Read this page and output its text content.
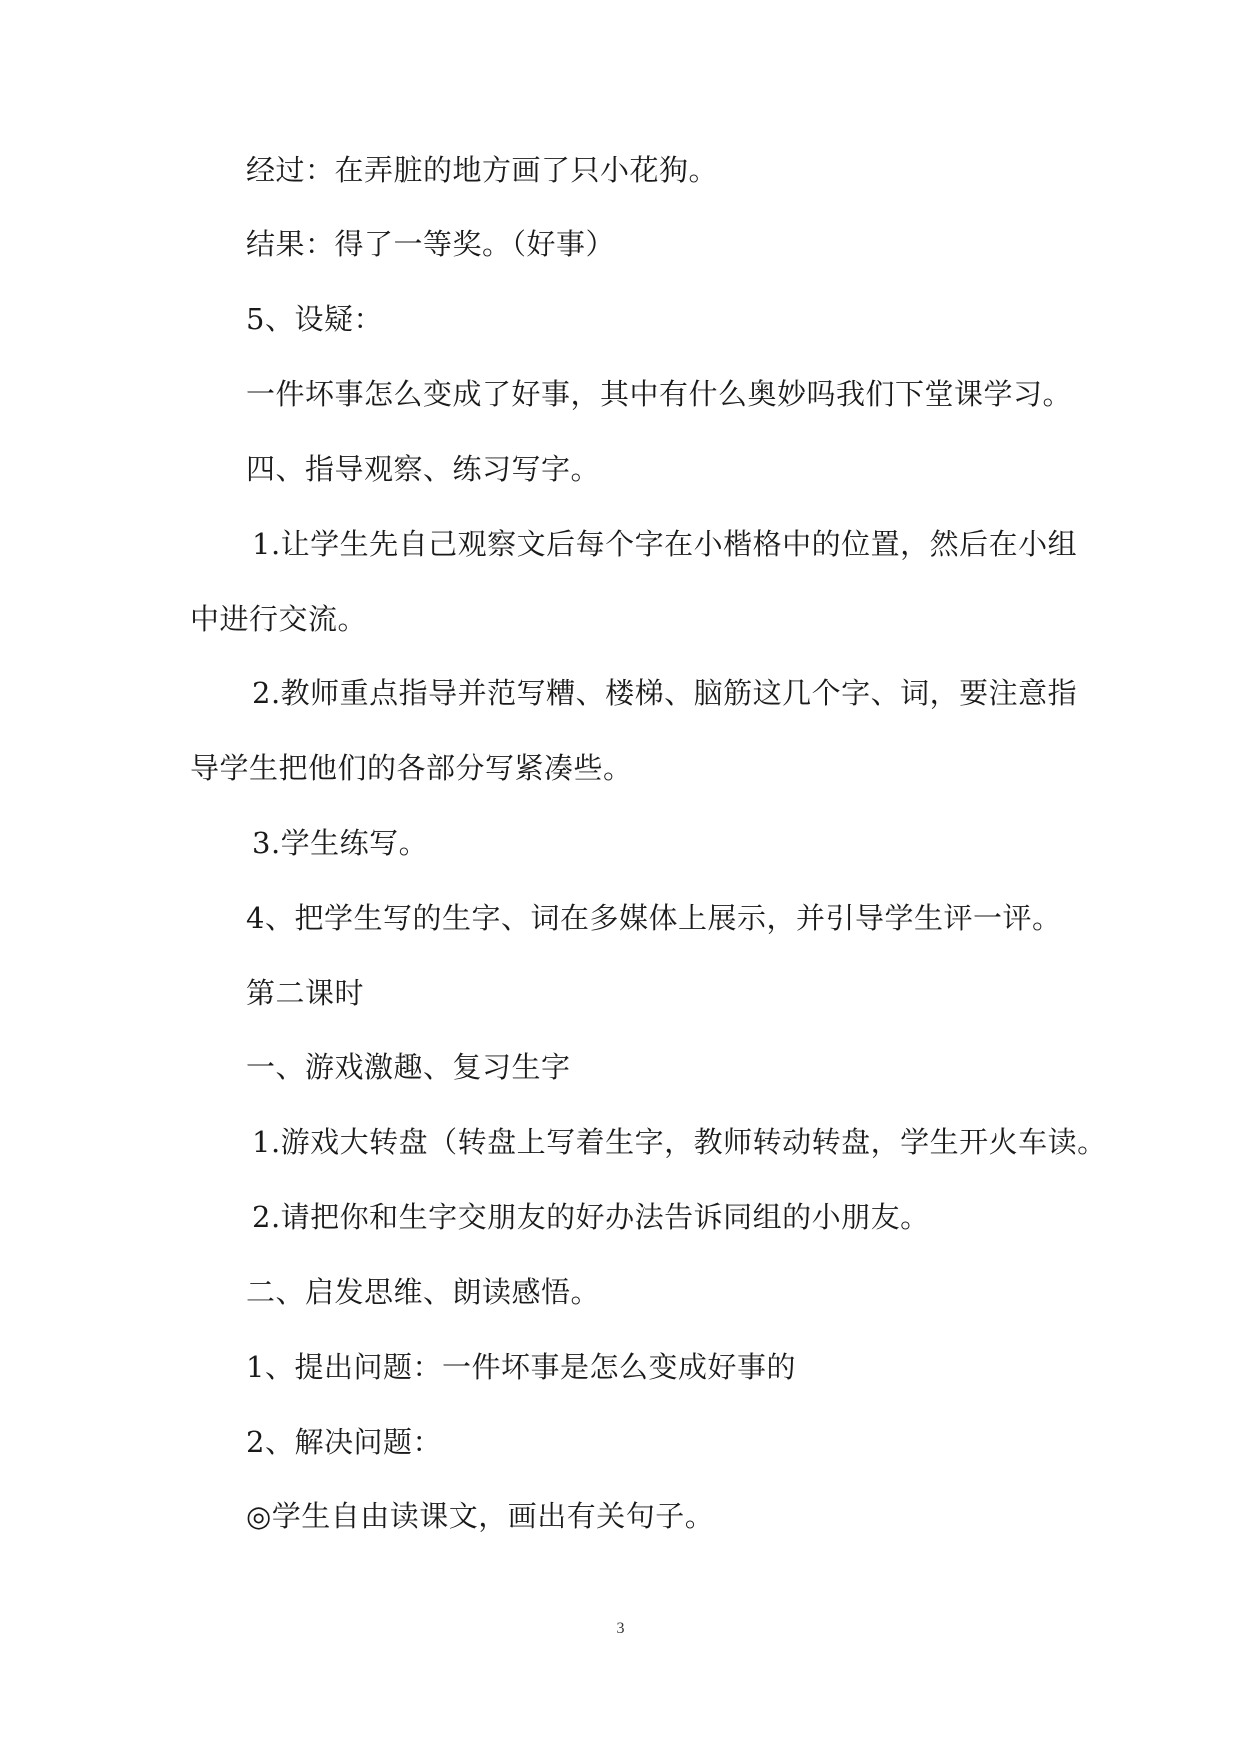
经过：在弄脏的地方画了只小花狗。
结果：得了一等奖。（好事）
5、设疑：
一件坏事怎么变成了好事，其中有什么奥妙吗我们下堂课学习。
四、指导观察、练习写字。
1.让学生先自己观察文后每个字在小楷格中的位置，然后在小组
中进行交流。
2.教师重点指导并范写糟、楼梯、脑筋这几个字、词，要注意指
导学生把他们的各部分写紧凑些。
3.学生练写。
4、把学生写的生字、词在多媒体上展示，并引导学生评一评。
第二课时
一、游戏激趣、复习生字
1.游戏大转盘（转盘上写着生字，教师转动转盘，学生开火车读。
2.请把你和生字交朋友的好办法告诉同组的小朋友。
二、启发思维、朗读感悟。
1、提出问题：一件坏事是怎么变成好事的
2、解决问题：
◎学生自由读课文，画出有关句子。
3
